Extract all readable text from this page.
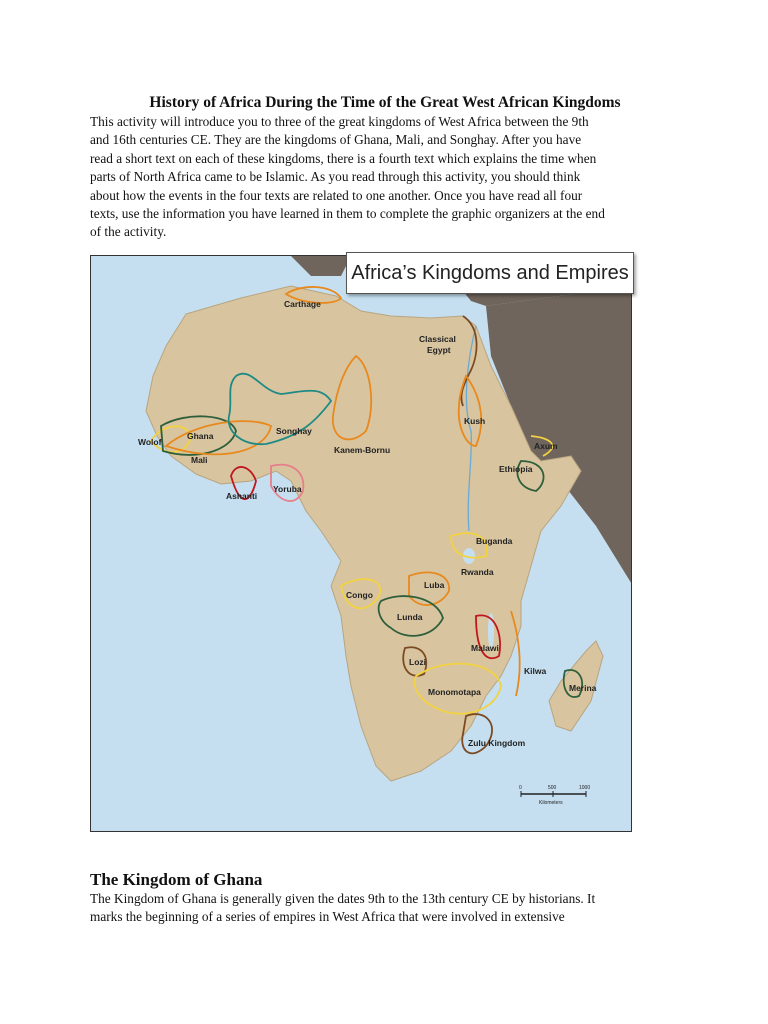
History of Africa During the Time of the Great West African Kingdoms
This activity will introduce you to three of the great kingdoms of West Africa between the 9th
and 16th centuries CE. They are the kingdoms of Ghana, Mali, and Songhay. After you have
read a short text on each of these kingdoms, there is a fourth text which explains the time when
parts of North Africa came to be Islamic. As you read through this activity, you should think
about how the events in the four texts are related to one another. Once you have read all four
texts, use the information you have learned in them to complete the graphic organizers at the end
of the activity.
Carthage
Classical
Egypt
Kush
Axum
Ethiopia
Wolof
Ghana
Mali
Songhay
Kanem-Bornu
Ashanti
Yoruba
Buganda
Rwanda
Luba
Congo
Lunda
Malawi
Lozi
Kilwa
Merina
Monomotapa
Zulu Kingdom
0	500	1000
Kilometers
Africa’s Kingdoms and Empires
The Kingdom of Ghana
The Kingdom of Ghana is generally given the dates 9th to the 13th century CE by historians. It
marks the beginning of a series of empires in West Africa that were involved in extensive
